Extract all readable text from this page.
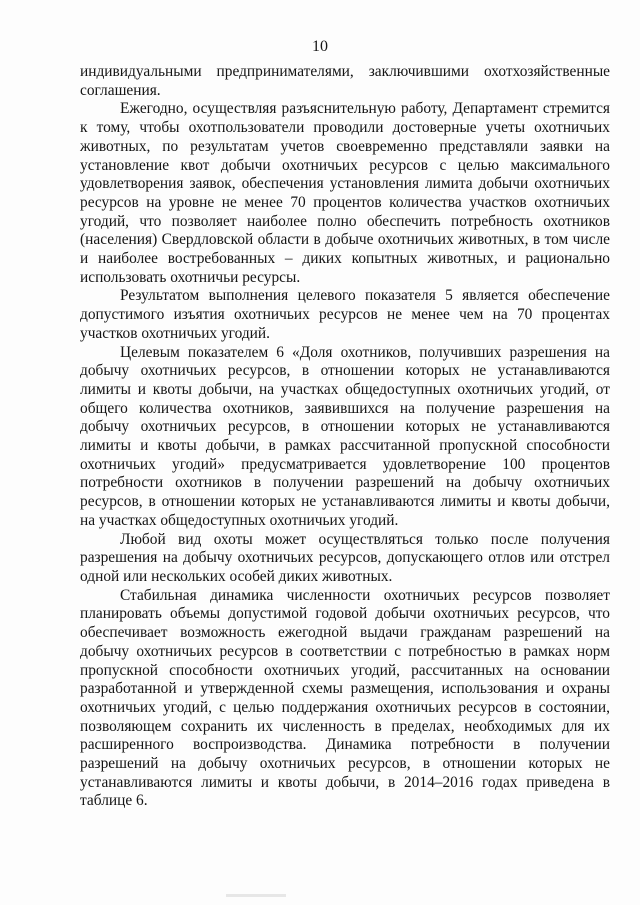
10

индивидуальными предпринимателями, заключившими охотхозяйственные соглашения.

Ежегодно, осуществляя разъяснительную работу, Департамент стремится к тому, чтобы охотпользователи проводили достоверные учеты охотничьих животных, по результатам учетов своевременно представляли заявки на установление квот добычи охотничьих ресурсов с целью максимального удовлетворения заявок, обеспечения установления лимита добычи охотничьих ресурсов на уровне не менее 70 процентов количества участков охотничьих угодий, что позволяет наиболее полно обеспечить потребность охотников (населения) Свердловской области в добыче охотничьих животных, в том числе и наиболее востребованных – диких копытных животных, и рационально использовать охотничьи ресурсы.

Результатом выполнения целевого показателя 5 является обеспечение допустимого изъятия охотничьих ресурсов не менее чем на 70 процентах участков охотничьих угодий.

Целевым показателем 6 «Доля охотников, получивших разрешения на добычу охотничьих ресурсов, в отношении которых не устанавливаются лимиты и квоты добычи, на участках общедоступных охотничьих угодий, от общего количества охотников, заявившихся на получение разрешения на добычу охотничьих ресурсов, в отношении которых не устанавливаются лимиты и квоты добычи, в рамках рассчитанной пропускной способности охотничьих угодий» предусматривается удовлетворение 100 процентов потребности охотников в получении разрешений на добычу охотничьих ресурсов, в отношении которых не устанавливаются лимиты и квоты добычи, на участках общедоступных охотничьих угодий.

Любой вид охоты может осуществляться только после получения разрешения на добычу охотничьих ресурсов, допускающего отлов или отстрел одной или нескольких особей диких животных.

Стабильная динамика численности охотничьих ресурсов позволяет планировать объемы допустимой годовой добычи охотничьих ресурсов, что обеспечивает возможность ежегодной выдачи гражданам разрешений на добычу охотничьих ресурсов в соответствии с потребностью в рамках норм пропускной способности охотничьих угодий, рассчитанных на основании разработанной и утвержденной схемы размещения, использования и охраны охотничьих угодий, с целью поддержания охотничьих ресурсов в состоянии, позволяющем сохранить их численность в пределах, необходимых для их расширенного воспроизводства. Динамика потребности в получении разрешений на добычу охотничьих ресурсов, в отношении которых не устанавливаются лимиты и квоты добычи, в 2014–2016 годах приведена в таблице 6.
